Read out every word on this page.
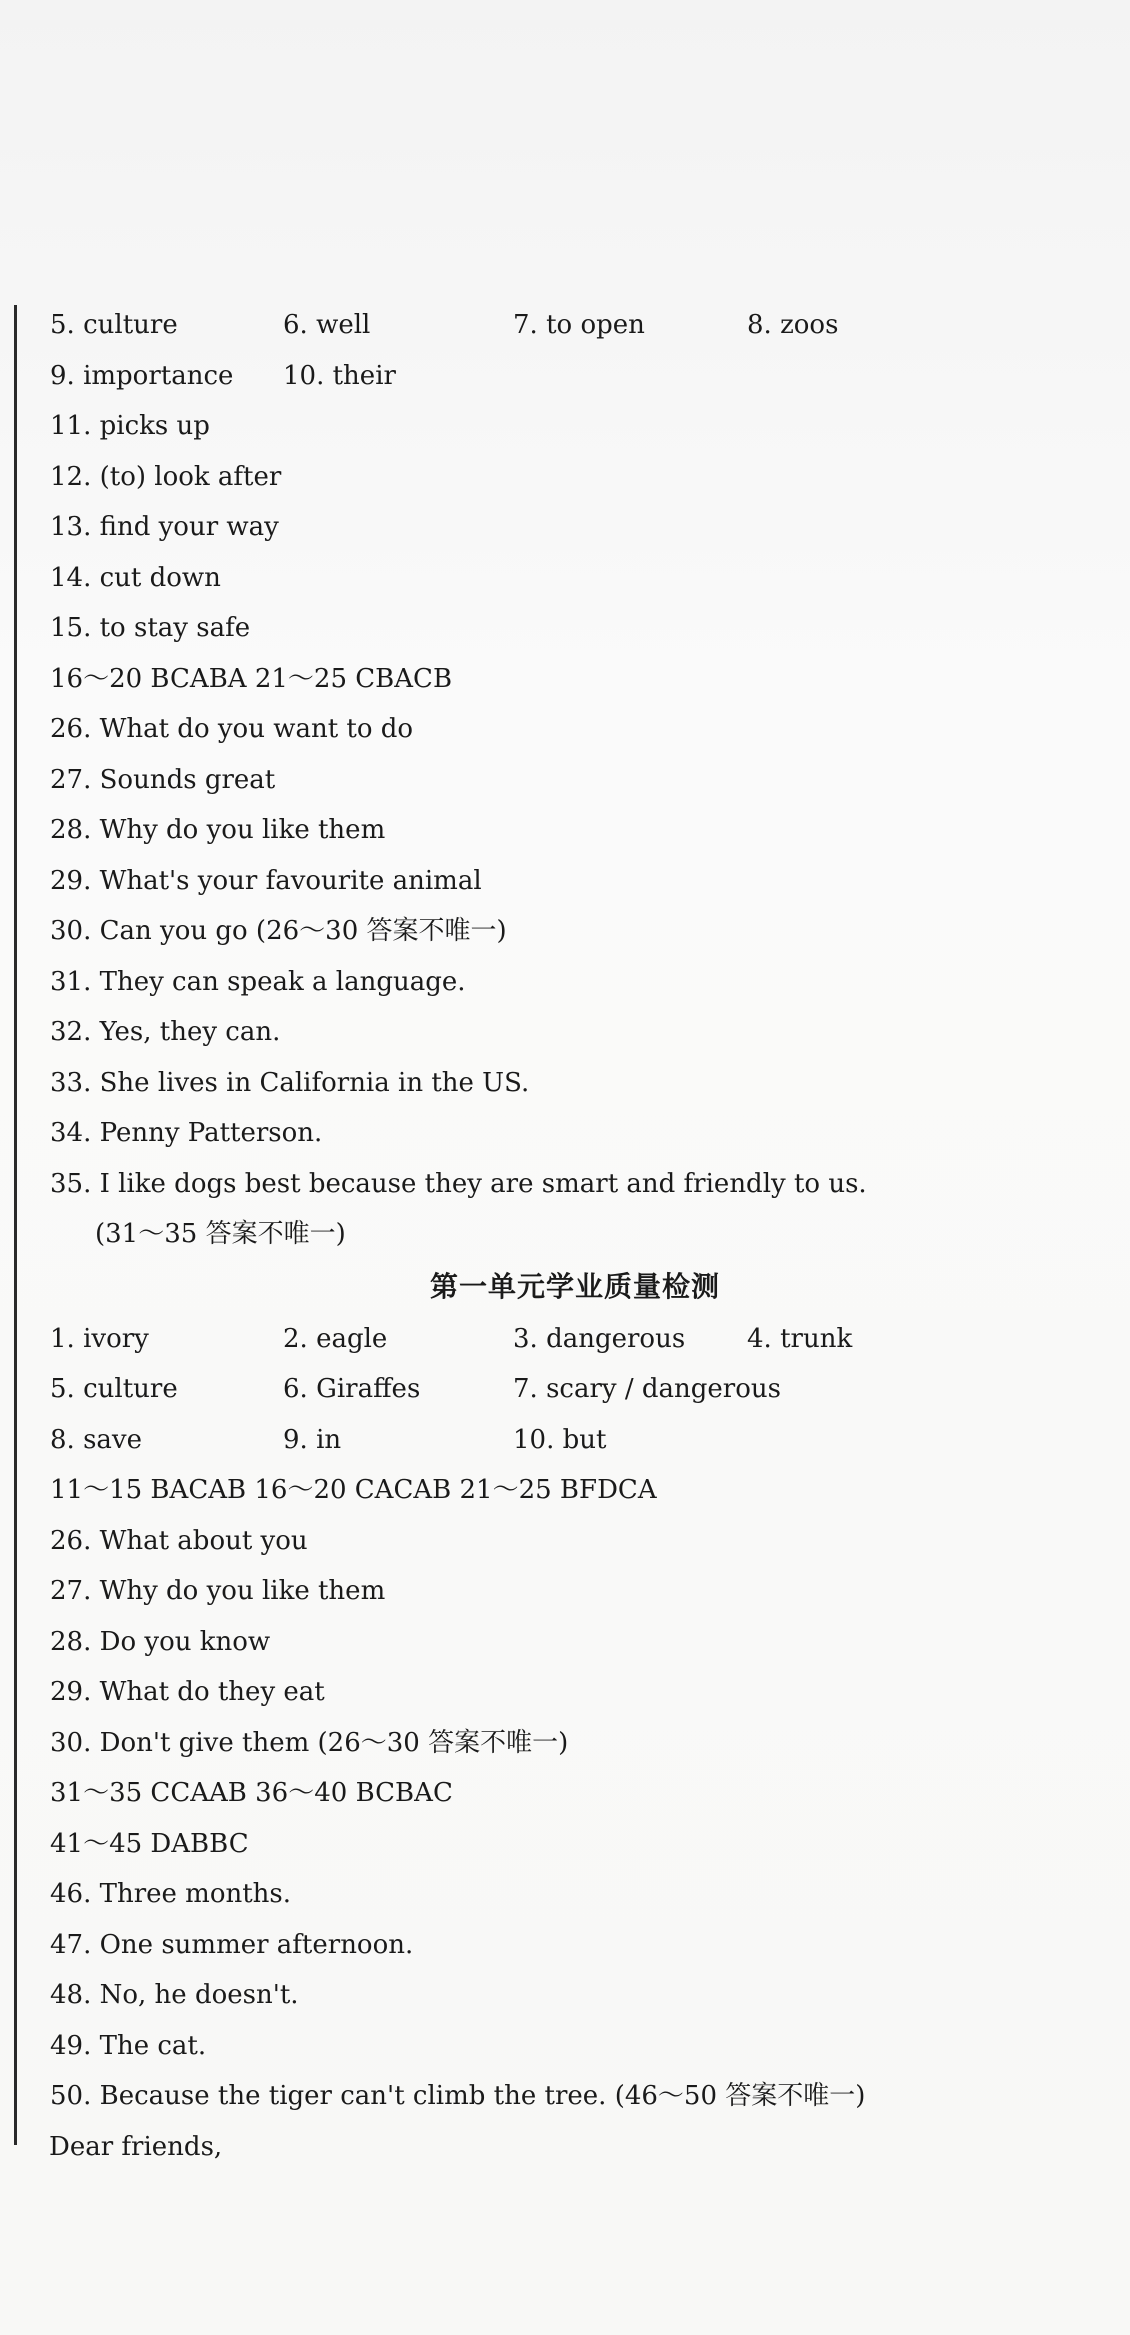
5. culture	6. well	7. to open	8. zoos
9. importance 10. their
11. picks up
12. (to) look after
13. find your way
14. cut down
15. to stay safe
16～20 BCABA 21～25 CBACB
26. What do you want to do
27. Sounds great
28. Why do you like them
29. What's your favourite animal
30. Can you go (26～30 答案不唯一)
31. They can speak a language.
32. Yes, they can.
33. She lives in California in the US.
34. Penny Patterson.
35. I like dogs best because they are smart and friendly to us.
(31～35 答案不唯一)
第一单元学业质量检测
1. ivory	2. eagle	3. dangerous 4. trunk
5. culture	6. Giraffes	7. scary / dangerous
8. save	9. in	10. but
11～15 BACAB 16～20 CACAB 21～25 BFDCA
26. What about you
27. Why do you like them
28. Do you know
29. What do they eat
30. Don't give them (26～30 答案不唯一)
31～35 CCAAB 36～40 BCBAC
41～45 DABBC
46. Three months.
47. One summer afternoon.
48. No, he doesn't.
49. The cat.
50. Because the tiger can't climb the tree. (46～50 答案不唯一)
Dear friends,
